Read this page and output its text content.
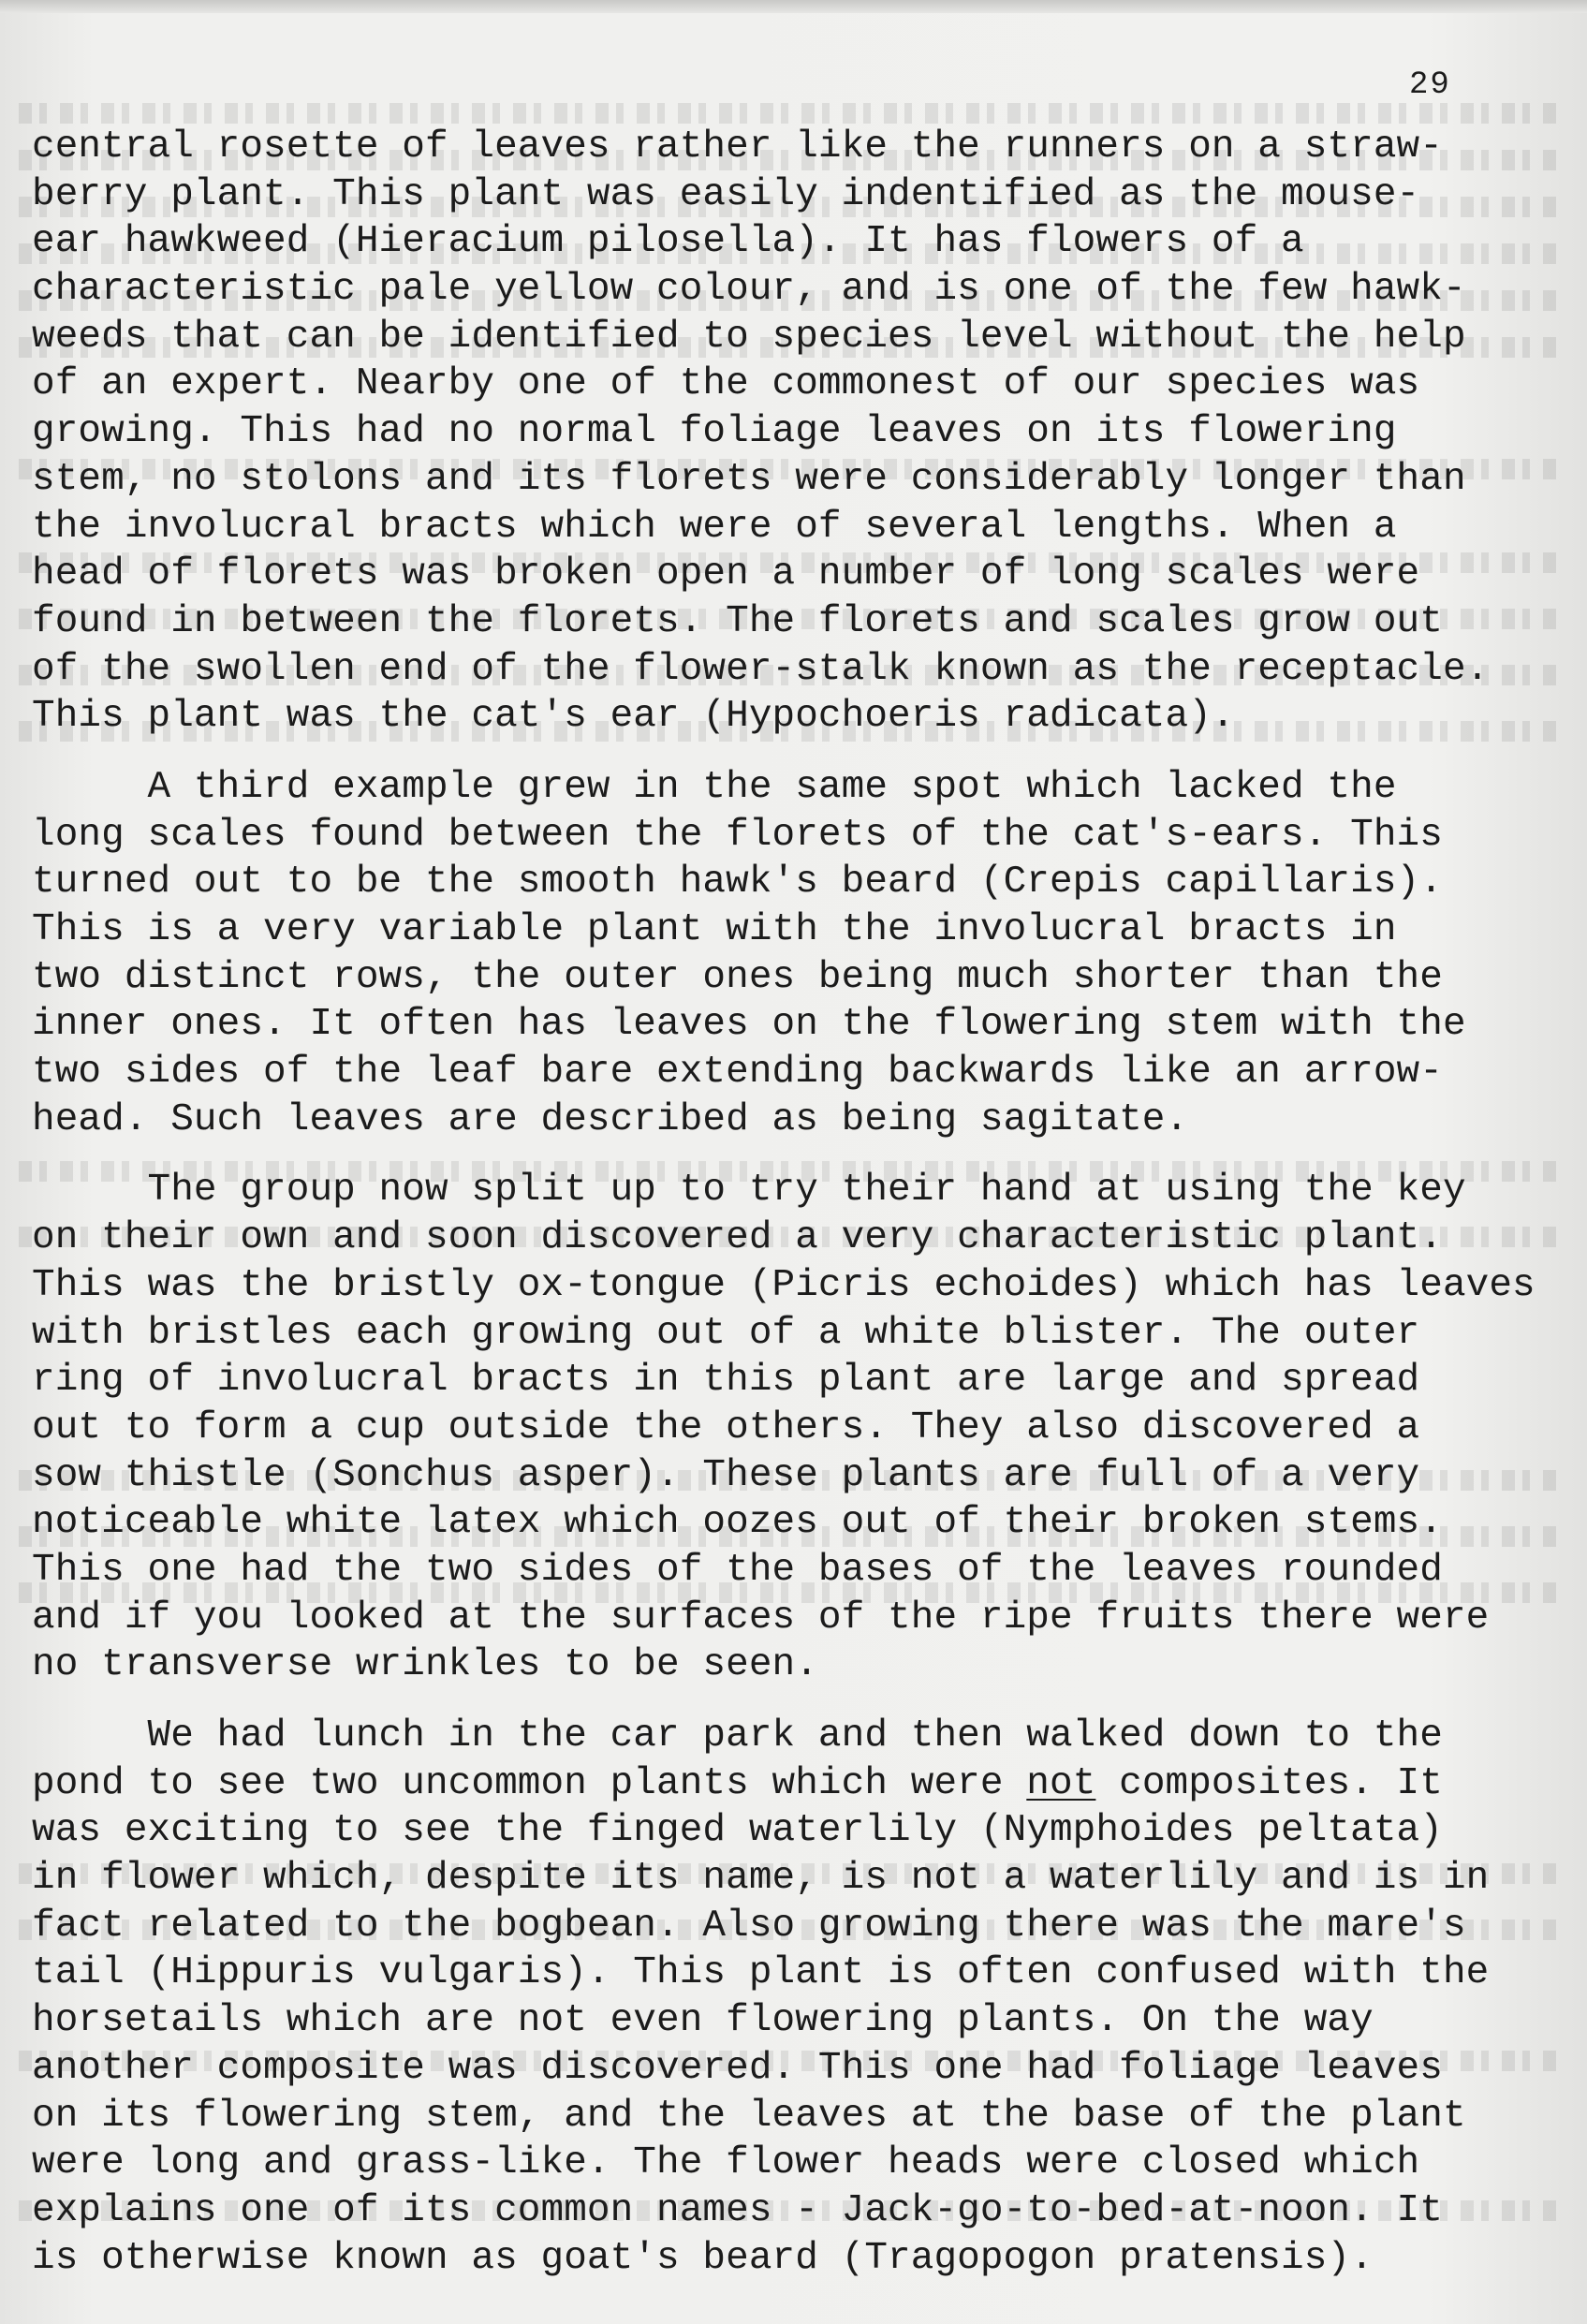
29
central rosette of leaves rather like the runners on a straw-
berry plant. This plant was easily indentified as the mouse-
ear hawkweed (Hieracium pilosella). It has flowers of a
characteristic pale yellow colour, and is one of the few hawk-
weeds that can be identified to species level without the help
of an expert. Nearby one of the commonest of our species was
growing. This had no normal foliage leaves on its flowering
stem, no stolons and its florets were considerably longer than
the involucral bracts which were of several lengths. When a
head of florets was broken open a number of long scales were
found in between the florets. The florets and scales grow out
of the swollen end of the flower-stalk known as the receptacle.
This plant was the cat's ear (Hypochoeris radicata).
A third example grew in the same spot which lacked the
long scales found between the florets of the cat's-ears. This
turned out to be the smooth hawk's beard (Crepis capillaris).
This is a very variable plant with the involucral bracts in
two distinct rows, the outer ones being much shorter than the
inner ones. It often has leaves on the flowering stem with the
two sides of the leaf bare extending backwards like an arrow-
head. Such leaves are described as being sagitate.
The group now split up to try their hand at using the key
on their own and soon discovered a very characteristic plant.
This was the bristly ox-tongue (Picris echoides) which has leaves
with bristles each growing out of a white blister. The outer
ring of involucral bracts in this plant are large and spread
out to form a cup outside the others. They also discovered a
sow thistle (Sonchus asper). These plants are full of a very
noticeable white latex which oozes out of their broken stems.
This one had the two sides of the bases of the leaves rounded
and if you looked at the surfaces of the ripe fruits there were
no transverse wrinkles to be seen.
We had lunch in the car park and then walked down to the
pond to see two uncommon plants which were not composites. It
was exciting to see the finged waterlily (Nymphoides peltata)
in flower which, despite its name, is not a waterlily and is in
fact related to the bogbean. Also growing there was the mare's
tail (Hippuris vulgaris). This plant is often confused with the
horsetails which are not even flowering plants. On the way
another composite was discovered. This one had foliage leaves
on its flowering stem, and the leaves at the base of the plant
were long and grass-like. The flower heads were closed which
explains one of its common names - Jack-go-to-bed-at-noon. It
is otherwise known as goat's beard (Tragopogon pratensis).
